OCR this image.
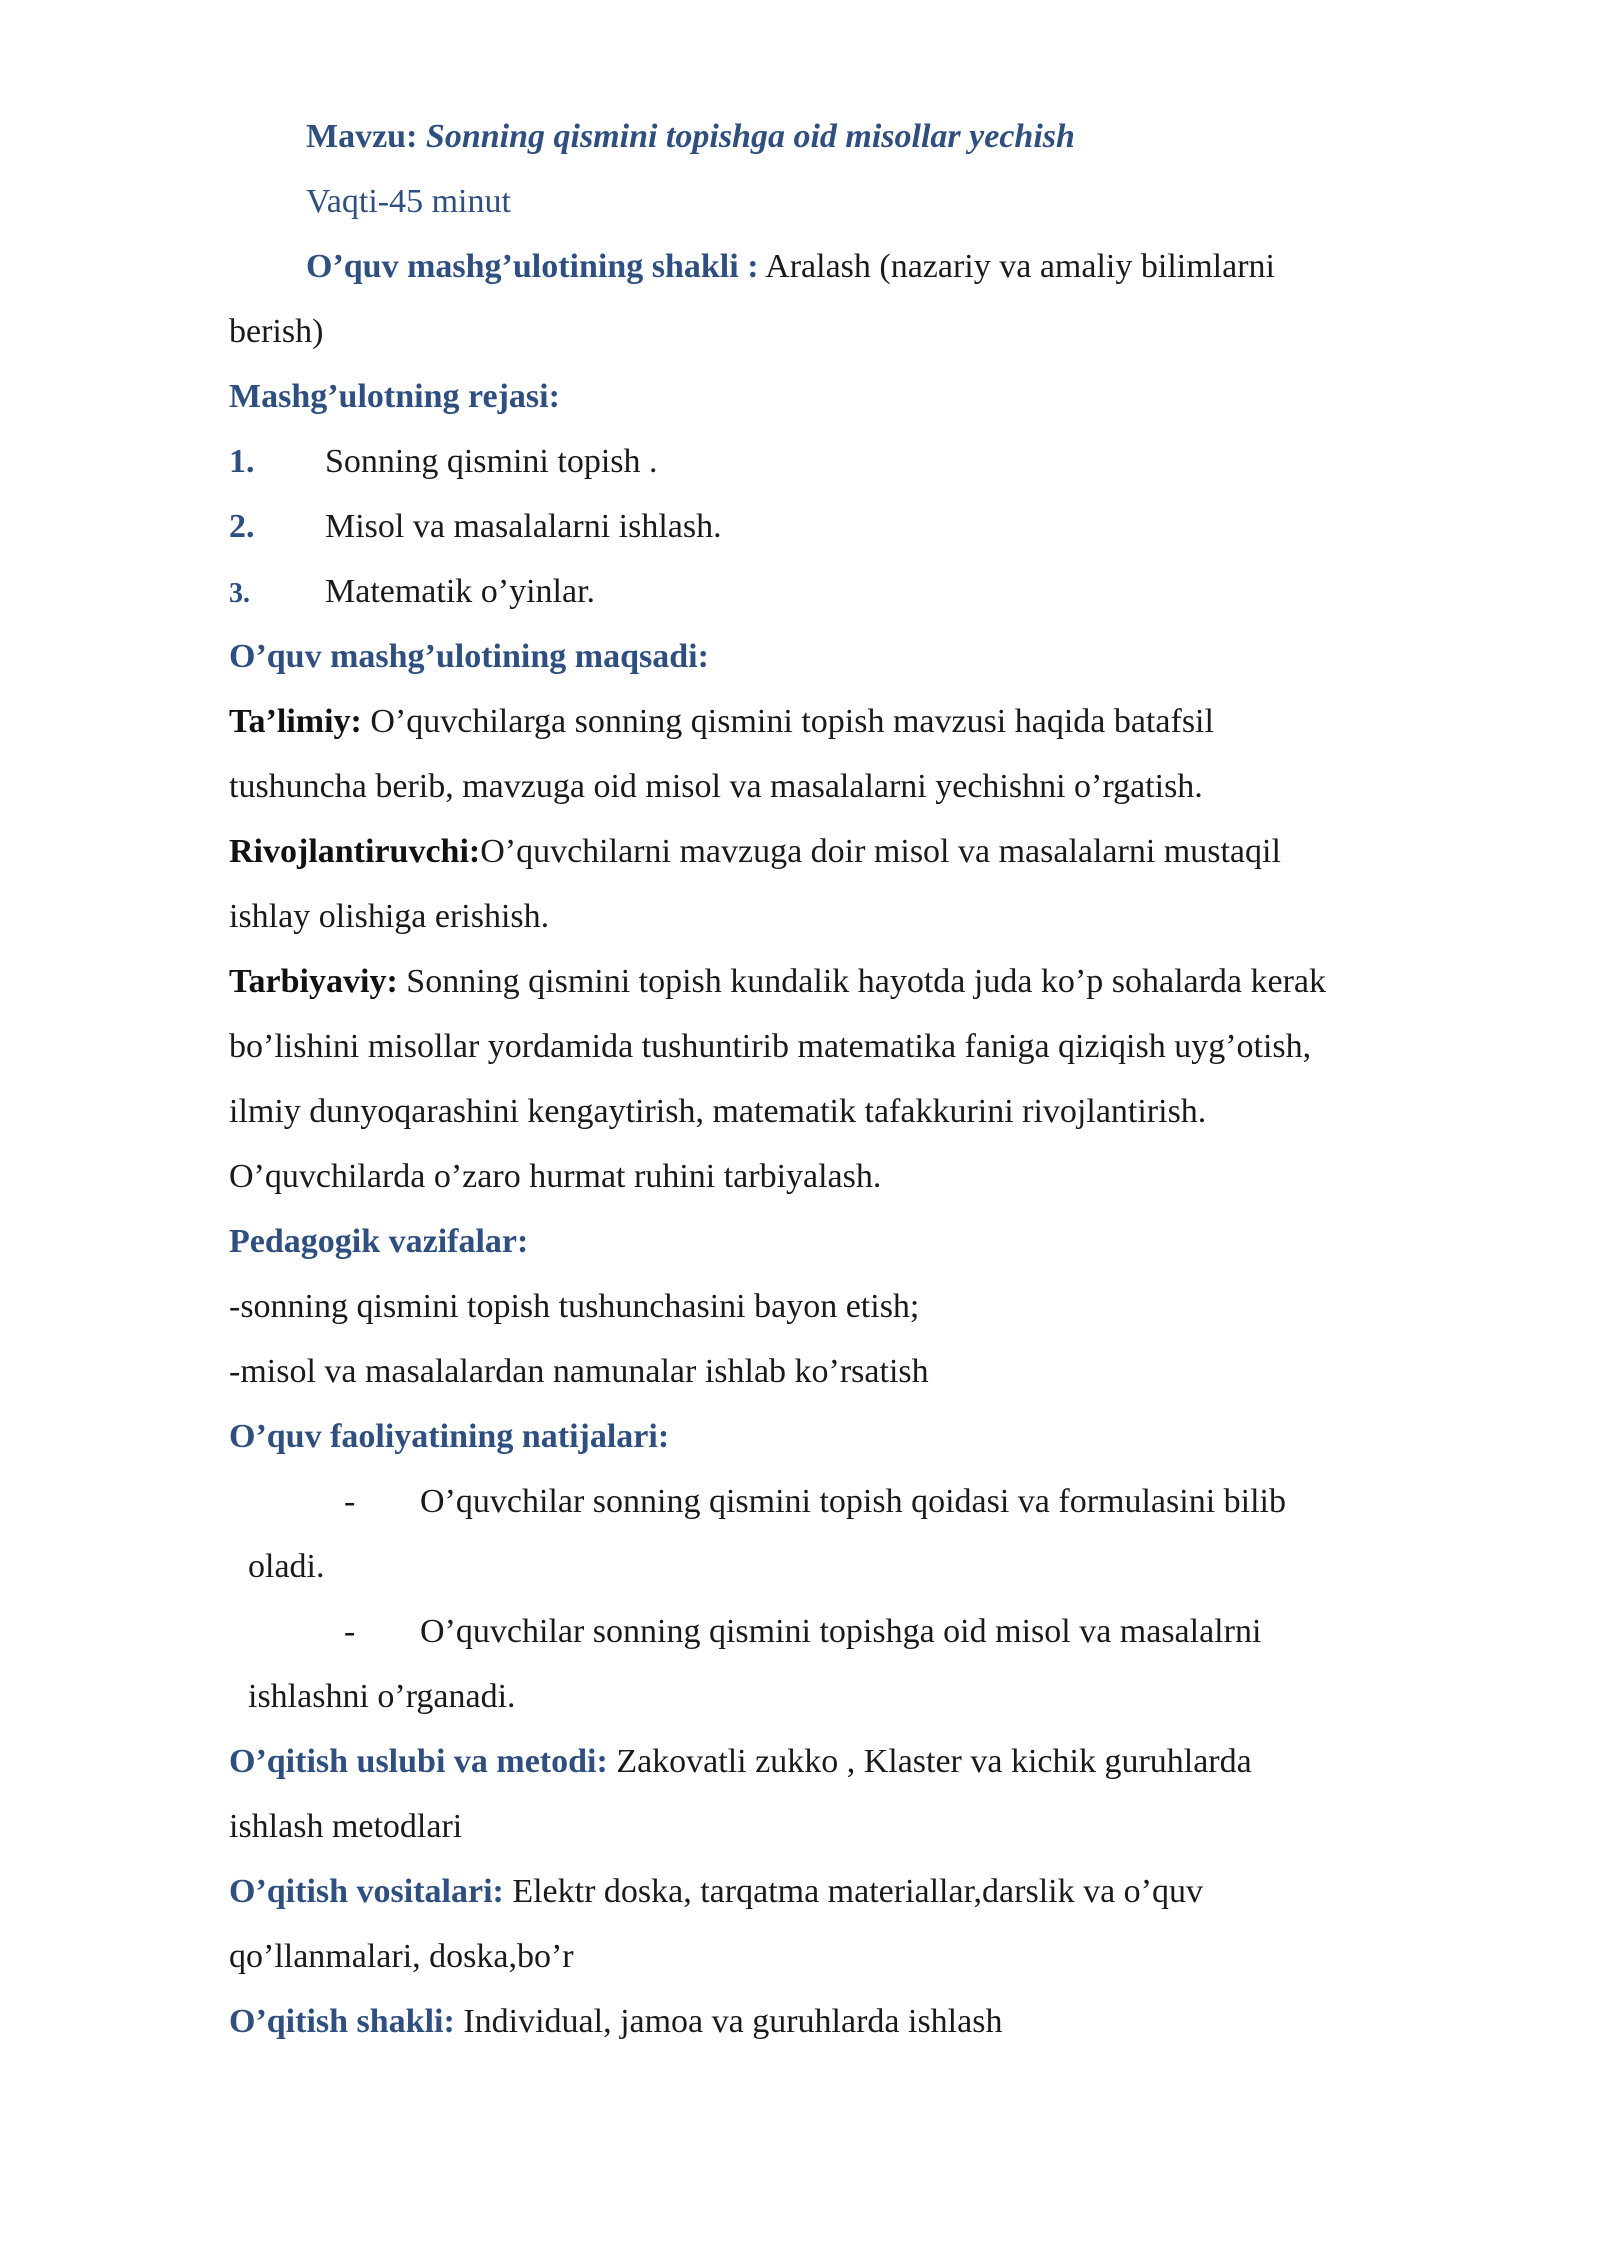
Mavzu: Sonning qismini topishga oid misollar yechish
Vaqti-45 minut
O’quv mashg’ulotining shakli : Aralash (nazariy va amaliy bilimlarni
berish)
Mashg’ulotning rejasi:
1. Sonning qismini topish .
2. Misol va masalalarni ishlash.
3. Matematik o’yinlar.
O’quv mashg’ulotining maqsadi:
Ta’limiy: O’quvchilarga sonning qismini topish mavzusi haqida batafsil
tushuncha berib, mavzuga oid misol va masalalarni yechishni o’rgatish.
Rivojlantiruvchi:O’quvchilarni mavzuga doir misol va masalalarni mustaqil
ishlay olishiga erishish.
Tarbiyaviy: Sonning qismini topish kundalik hayotda juda ko’p sohalarda kerak
bo’lishini misollar yordamida tushuntirib matematika faniga qiziqish uyg’otish,
ilmiy dunyoqarashini kengaytirish, matematik tafakkurini rivojlantirish.
O’quvchilarda o’zaro hurmat ruhini tarbiyalash.
Pedagogik vazifalar:
-sonning qismini topish tushunchasini bayon etish;
-misol va masalalardan namunalar ishlab ko’rsatish
O’quv faoliyatining natijalari:
- O’quvchilar sonning qismini topish qoidasi va formulasini bilib
oladi.
- O’quvchilar sonning qismini topishga oid misol va masalalrni
ishlashni o’rganadi.
O’qitish uslubi va metodi: Zakovatli zukko , Klaster va kichik guruhlarda
ishlash metodlari
O’qitish vositalari: Elektr doska, tarqatma materiallar,darslik va o’quv
qo’llanmalari, doska,bo’r
O’qitish shakli: Individual, jamoa va guruhlarda ishlash
